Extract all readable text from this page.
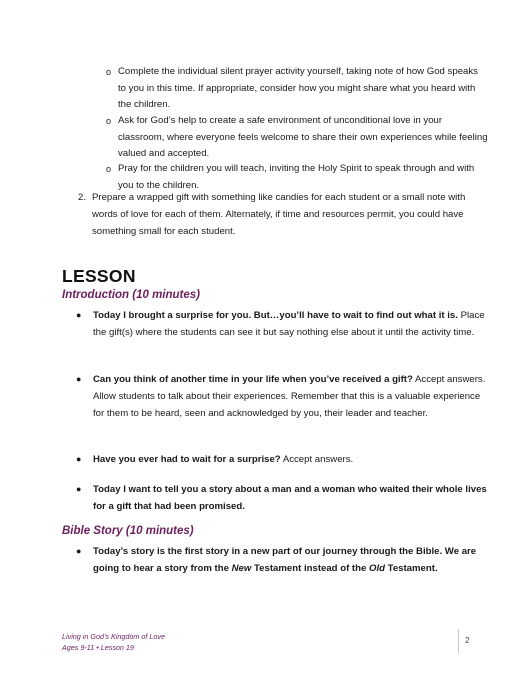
o Complete the individual silent prayer activity yourself, taking note of how God speaks to you in this time. If appropriate, consider how you might share what you heard with the children.
o Ask for God’s help to create a safe environment of unconditional love in your classroom, where everyone feels welcome to share their own experiences while feeling valued and accepted.
o Pray for the children you will teach, inviting the Holy Spirit to speak through and with you to the children.
2. Prepare a wrapped gift with something like candies for each student or a small note with words of love for each of them. Alternately, if time and resources permit, you could have something small for each student.
LESSON
Introduction (10 minutes)
● Today I brought a surprise for you. But…you’ll have to wait to find out what it is. Place the gift(s) where the students can see it but say nothing else about it until the activity time.
● Can you think of another time in your life when you’ve received a gift? Accept answers. Allow students to talk about their experiences. Remember that this is a valuable experience for them to be heard, seen and acknowledged by you, their leader and teacher.
● Have you ever had to wait for a surprise? Accept answers.
● Today I want to tell you a story about a man and a woman who waited their whole lives for a gift that had been promised.
Bible Story (10 minutes)
● Today’s story is the first story in a new part of our journey through the Bible. We are going to hear a story from the New Testament instead of the Old Testament.
Living in God’s Kingdom of Love
Ages 9-11 • Lesson 19
2
